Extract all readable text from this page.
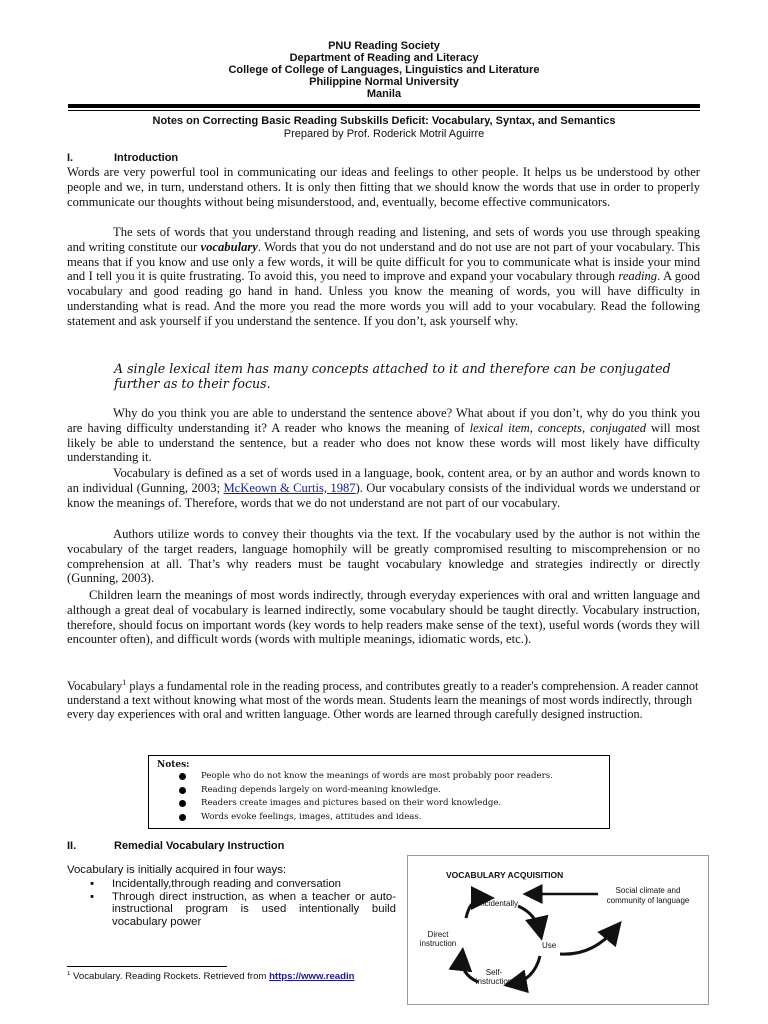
PNU Reading Society
Department of Reading and Literacy
College of College of Languages, Linguistics and Literature
Philippine Normal University
Manila
Notes on Correcting Basic Reading Subskills Deficit: Vocabulary, Syntax, and Semantics
Prepared by Prof. Roderick Motril Aguirre
I.	Introduction
Words are very powerful tool in communicating our ideas and feelings to other people. It helps us be understood by other people and we, in turn, understand others. It is only then fitting that we should know the words that use in order to properly communicate our thoughts without being misunderstood, and, eventually, become effective communicators.
The sets of words that you understand through reading and listening, and sets of words you use through speaking and writing constitute our vocabulary. Words that you do not understand and do not use are not part of your vocabulary. This means that if you know and use only a few words, it will be quite difficult for you to communicate what is inside your mind and I tell you it is quite frustrating. To avoid this, you need to improve and expand your vocabulary through reading. A good vocabulary and good reading go hand in hand. Unless you know the meaning of words, you will have difficulty in understanding what is read. And the more you read the more words you will add to your vocabulary. Read the following statement and ask yourself if you understand the sentence. If you don’t, ask yourself why.
A single lexical item has many concepts attached to it and therefore can be conjugated further as to their focus.
Why do you think you are able to understand the sentence above? What about if you don’t, why do you think you are having difficulty understanding it? A reader who knows the meaning of lexical item, concepts, conjugated will most likely be able to understand the sentence, but a reader who does not know these words will most likely have difficulty understanding it.
Vocabulary is defined as a set of words used in a language, book, content area, or by an author and words known to an individual (Gunning, 2003; McKeown & Curtis, 1987). Our vocabulary consists of the individual words we understand or know the meanings of. Therefore, words that we do not understand are not part of our vocabulary.
Authors utilize words to convey their thoughts via the text. If the vocabulary used by the author is not within the vocabulary of the target readers, language homophily will be greatly compromised resulting to miscomprehension or no comprehension at all. That’s why readers must be taught vocabulary knowledge and strategies indirectly or directly (Gunning, 2003).
Children learn the meanings of most words indirectly, through everyday experiences with oral and written language and although a great deal of vocabulary is learned indirectly, some vocabulary should be taught directly. Vocabulary instruction, therefore, should focus on important words (key words to help readers make sense of the text), useful words (words they will encounter often), and difficult words (words with multiple meanings, idiomatic words, etc.).
Vocabulary$^1$ plays a fundamental role in the reading process, and contributes greatly to a reader's comprehension. A reader cannot understand a text without knowing what most of the words mean. Students learn the meanings of most words indirectly, through every day experiences with oral and written language. Other words are learned through carefully designed instruction.
Notes:
People who do not know the meanings of words are most probably poor readers.
Reading depends largely on word-meaning knowledge.
Readers create images and pictures based on their word knowledge.
Words evoke feelings, images, attitudes and ideas.
II.	Remedial Vocabulary Instruction
Vocabulary is initially acquired in four ways:
▪ Incidentally,through reading and conversation
▪ Through direct instruction, as when a teacher or auto-instructional program is used intentionally build vocabulary power
$^1$ Vocabulary. Reading Rockets. Retrieved from https://www.readin
VOCABULARY ACQUISITION
Incidentally
Use
Direct instruction
Self-instruction
Social climate and community of language
